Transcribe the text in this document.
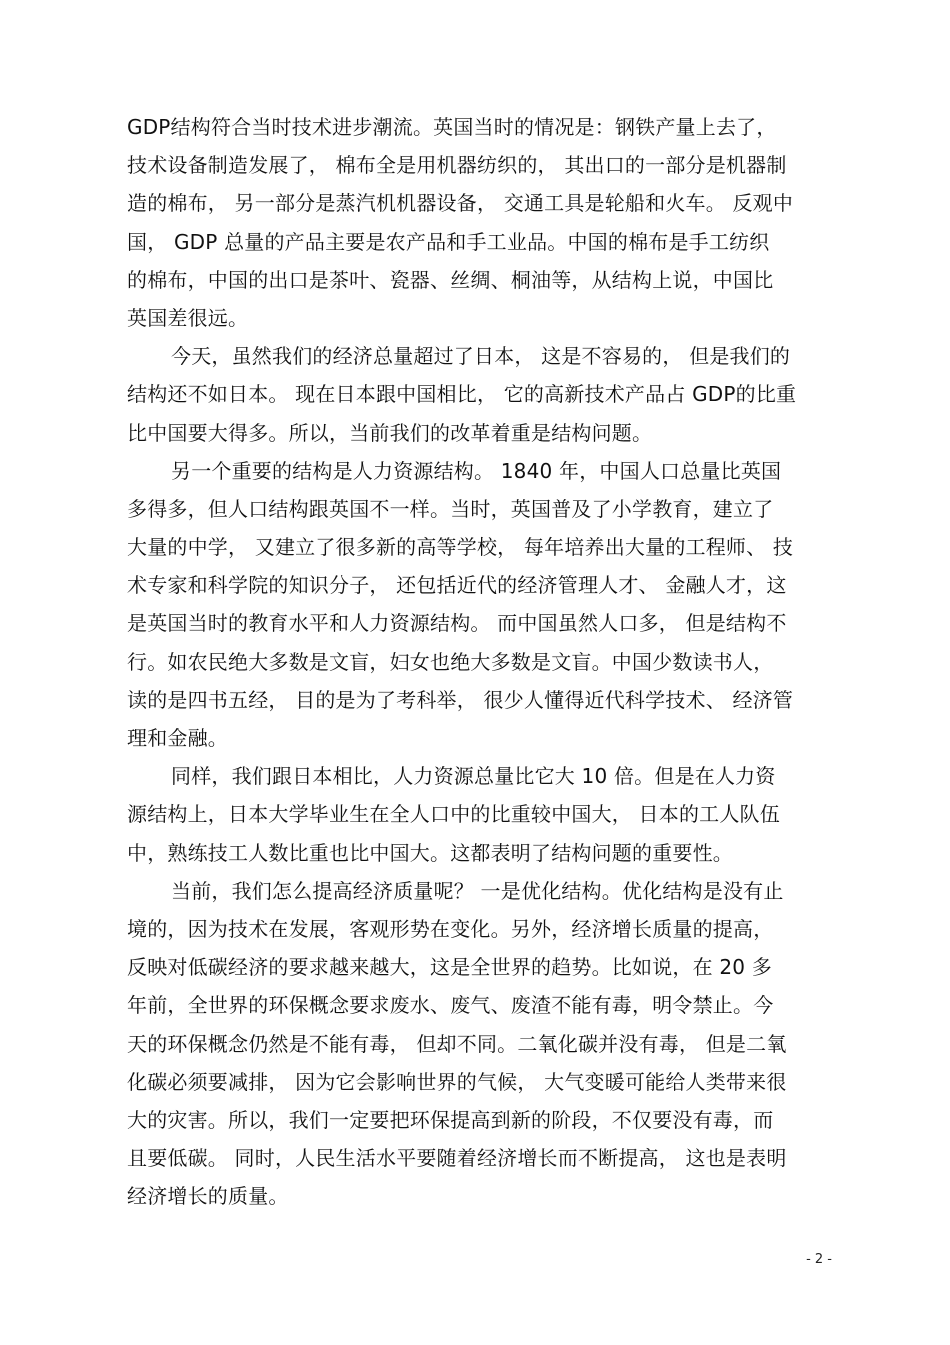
GDP结构符合当时技术进步潮流。英国当时的情况是：钢铁产量上去了，
技术设备制造发展了， 棉布全是用机器纺织的， 其出口的一部分是机器制
造的棉布， 另一部分是蒸汽机机器设备， 交通工具是轮船和火车。 反观中
国， GDP 总量的产品主要是农产品和手工业品。中国的棉布是手工纺织
的棉布，中国的出口是茶叶、瓷器、丝绸、桐油等，从结构上说，中国比
英国差很远。
今天，虽然我们的经济总量超过了日本， 这是不容易的， 但是我们的
结构还不如日本。 现在日本跟中国相比， 它的高新技术产品占 GDP的比重
比中国要大得多。所以，当前我们的改革着重是结构问题。
另一个重要的结构是人力资源结构。 1840 年，中国人口总量比英国
多得多，但人口结构跟英国不一样。当时，英国普及了小学教育，建立了
大量的中学， 又建立了很多新的高等学校， 每年培养出大量的工程师、 技
术专家和科学院的知识分子， 还包括近代的经济管理人才、 金融人才，这
是英国当时的教育水平和人力资源结构。 而中国虽然人口多， 但是结构不
行。如农民绝大多数是文盲，妇女也绝大多数是文盲。中国少数读书人，
读的是四书五经， 目的是为了考科举， 很少人懂得近代科学技术、 经济管
理和金融。
同样，我们跟日本相比，人力资源总量比它大 10 倍。但是在人力资
源结构上，日本大学毕业生在全人口中的比重较中国大， 日本的工人队伍
中，熟练技工人数比重也比中国大。这都表明了结构问题的重要性。
当前，我们怎么提高经济质量呢？ 一是优化结构。优化结构是没有止
境的，因为技术在发展，客观形势在变化。另外，经济增长质量的提高，
反映对低碳经济的要求越来越大，这是全世界的趋势。比如说，在 20 多
年前，全世界的环保概念要求废水、废气、废渣不能有毒，明令禁止。今
天的环保概念仍然是不能有毒， 但却不同。二氧化碳并没有毒， 但是二氧
化碳必须要减排， 因为它会影响世界的气候， 大气变暖可能给人类带来很
大的灾害。所以，我们一定要把环保提高到新的阶段，不仅要没有毒，而
且要低碳。 同时，人民生活水平要随着经济增长而不断提高， 这也是表明
经济增长的质量。
- 2 -
